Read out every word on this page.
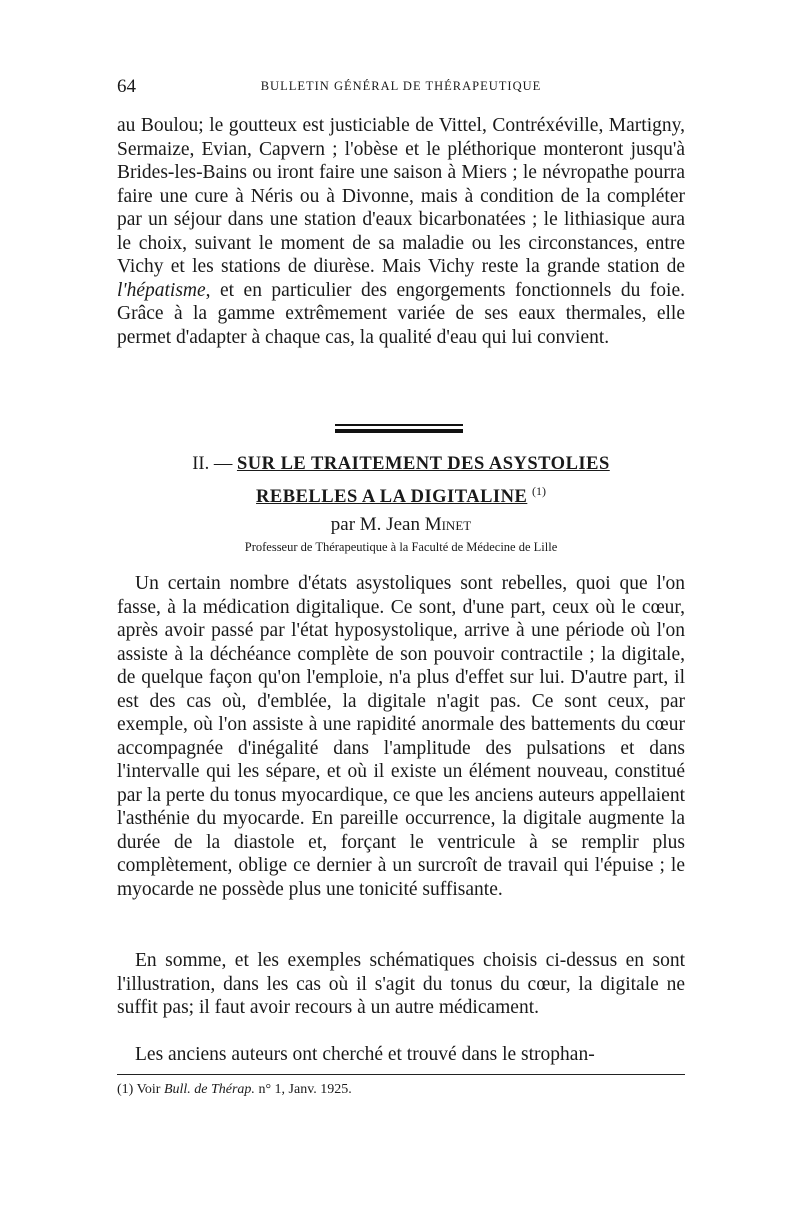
64	BULLETIN GÉNÉRAL DE THÉRAPEUTIQUE

au Boulou; le goutteux est justiciable de Vittel, Contréxéville, Martigny, Sermaize, Evian, Capvern ; l'obèse et le pléthorique monteront jusqu'à Brides-les-Bains ou iront faire une saison à Miers ; le névropathe pourra faire une cure à Néris ou à Divonne, mais à condition de la compléter par un séjour dans une station d'eaux bicarbonatées ; le lithiasique aura le choix, suivant le moment de sa maladie ou les circonstances, entre Vichy et les stations de diurèse. Mais Vichy reste la grande station de l'hépatisme, et en particulier des engorgements fonctionnels du foie. Grâce à la gamme extrêmement variée de ses eaux thermales, elle permet d'adapter à chaque cas, la qualité d'eau qui lui convient.

II. — SUR LE TRAITEMENT DES ASYSTOLIES
REBELLES A LA DIGITALINE $^{(1)}$
par M. Jean Minet
Professeur de Thérapeutique à la Faculté de Médecine de Lille

Un certain nombre d'états asystoliques sont rebelles, quoi que l'on fasse, à la médication digitalique. Ce sont, d'une part, ceux où le cœur, après avoir passé par l'état hyposystolique, arrive à une période où l'on assiste à la déchéance complète de son pouvoir contractile ; la digitale, de quelque façon qu'on l'emploie, n'a plus d'effet sur lui. D'autre part, il est des cas où, d'emblée, la digitale n'agit pas. Ce sont ceux, par exemple, où l'on assiste à une rapidité anormale des battements du cœur accompagnée d'inégalité dans l'amplitude des pulsations et dans l'intervalle qui les sépare, et où il existe un élément nouveau, constitué par la perte du tonus myocardique, ce que les anciens auteurs appellaient l'asthénie du myocarde. En pareille occurrence, la digitale augmente la durée de la diastole et, forçant le ventricule à se remplir plus complètement, oblige ce dernier à un surcroît de travail qui l'épuise ; le myocarde ne possède plus une tonicité suffisante.

En somme, et les exemples schématiques choisis ci-dessus en sont l'illustration, dans les cas où il s'agit du tonus du cœur, la digitale ne suffit pas; il faut avoir recours à un autre médicament.

Les anciens auteurs ont cherché et trouvé dans le strophan-

(1) Voir Bull. de Thérap. n° 1, Janv. 1925.
